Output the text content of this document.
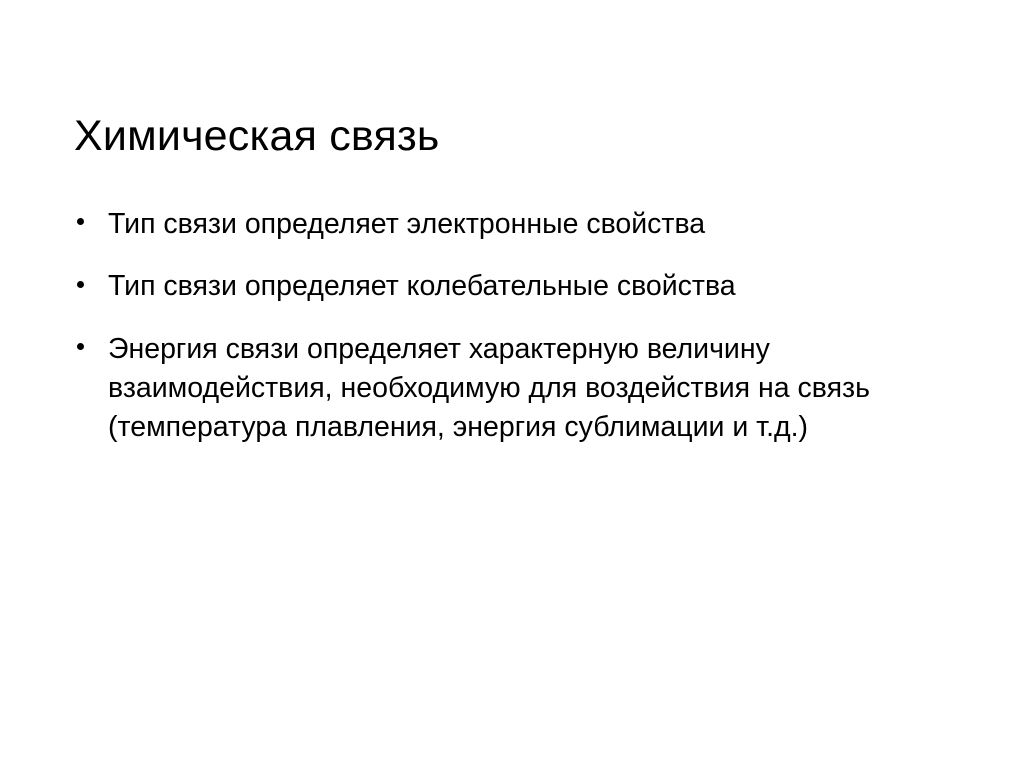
Химическая связь
Тип связи определяет электронные свойства
Тип связи определяет колебательные свойства
Энергия связи определяет характерную величину взаимодействия, необходимую для воздействия на связь (температура плавления, энергия сублимации и т.д.)
